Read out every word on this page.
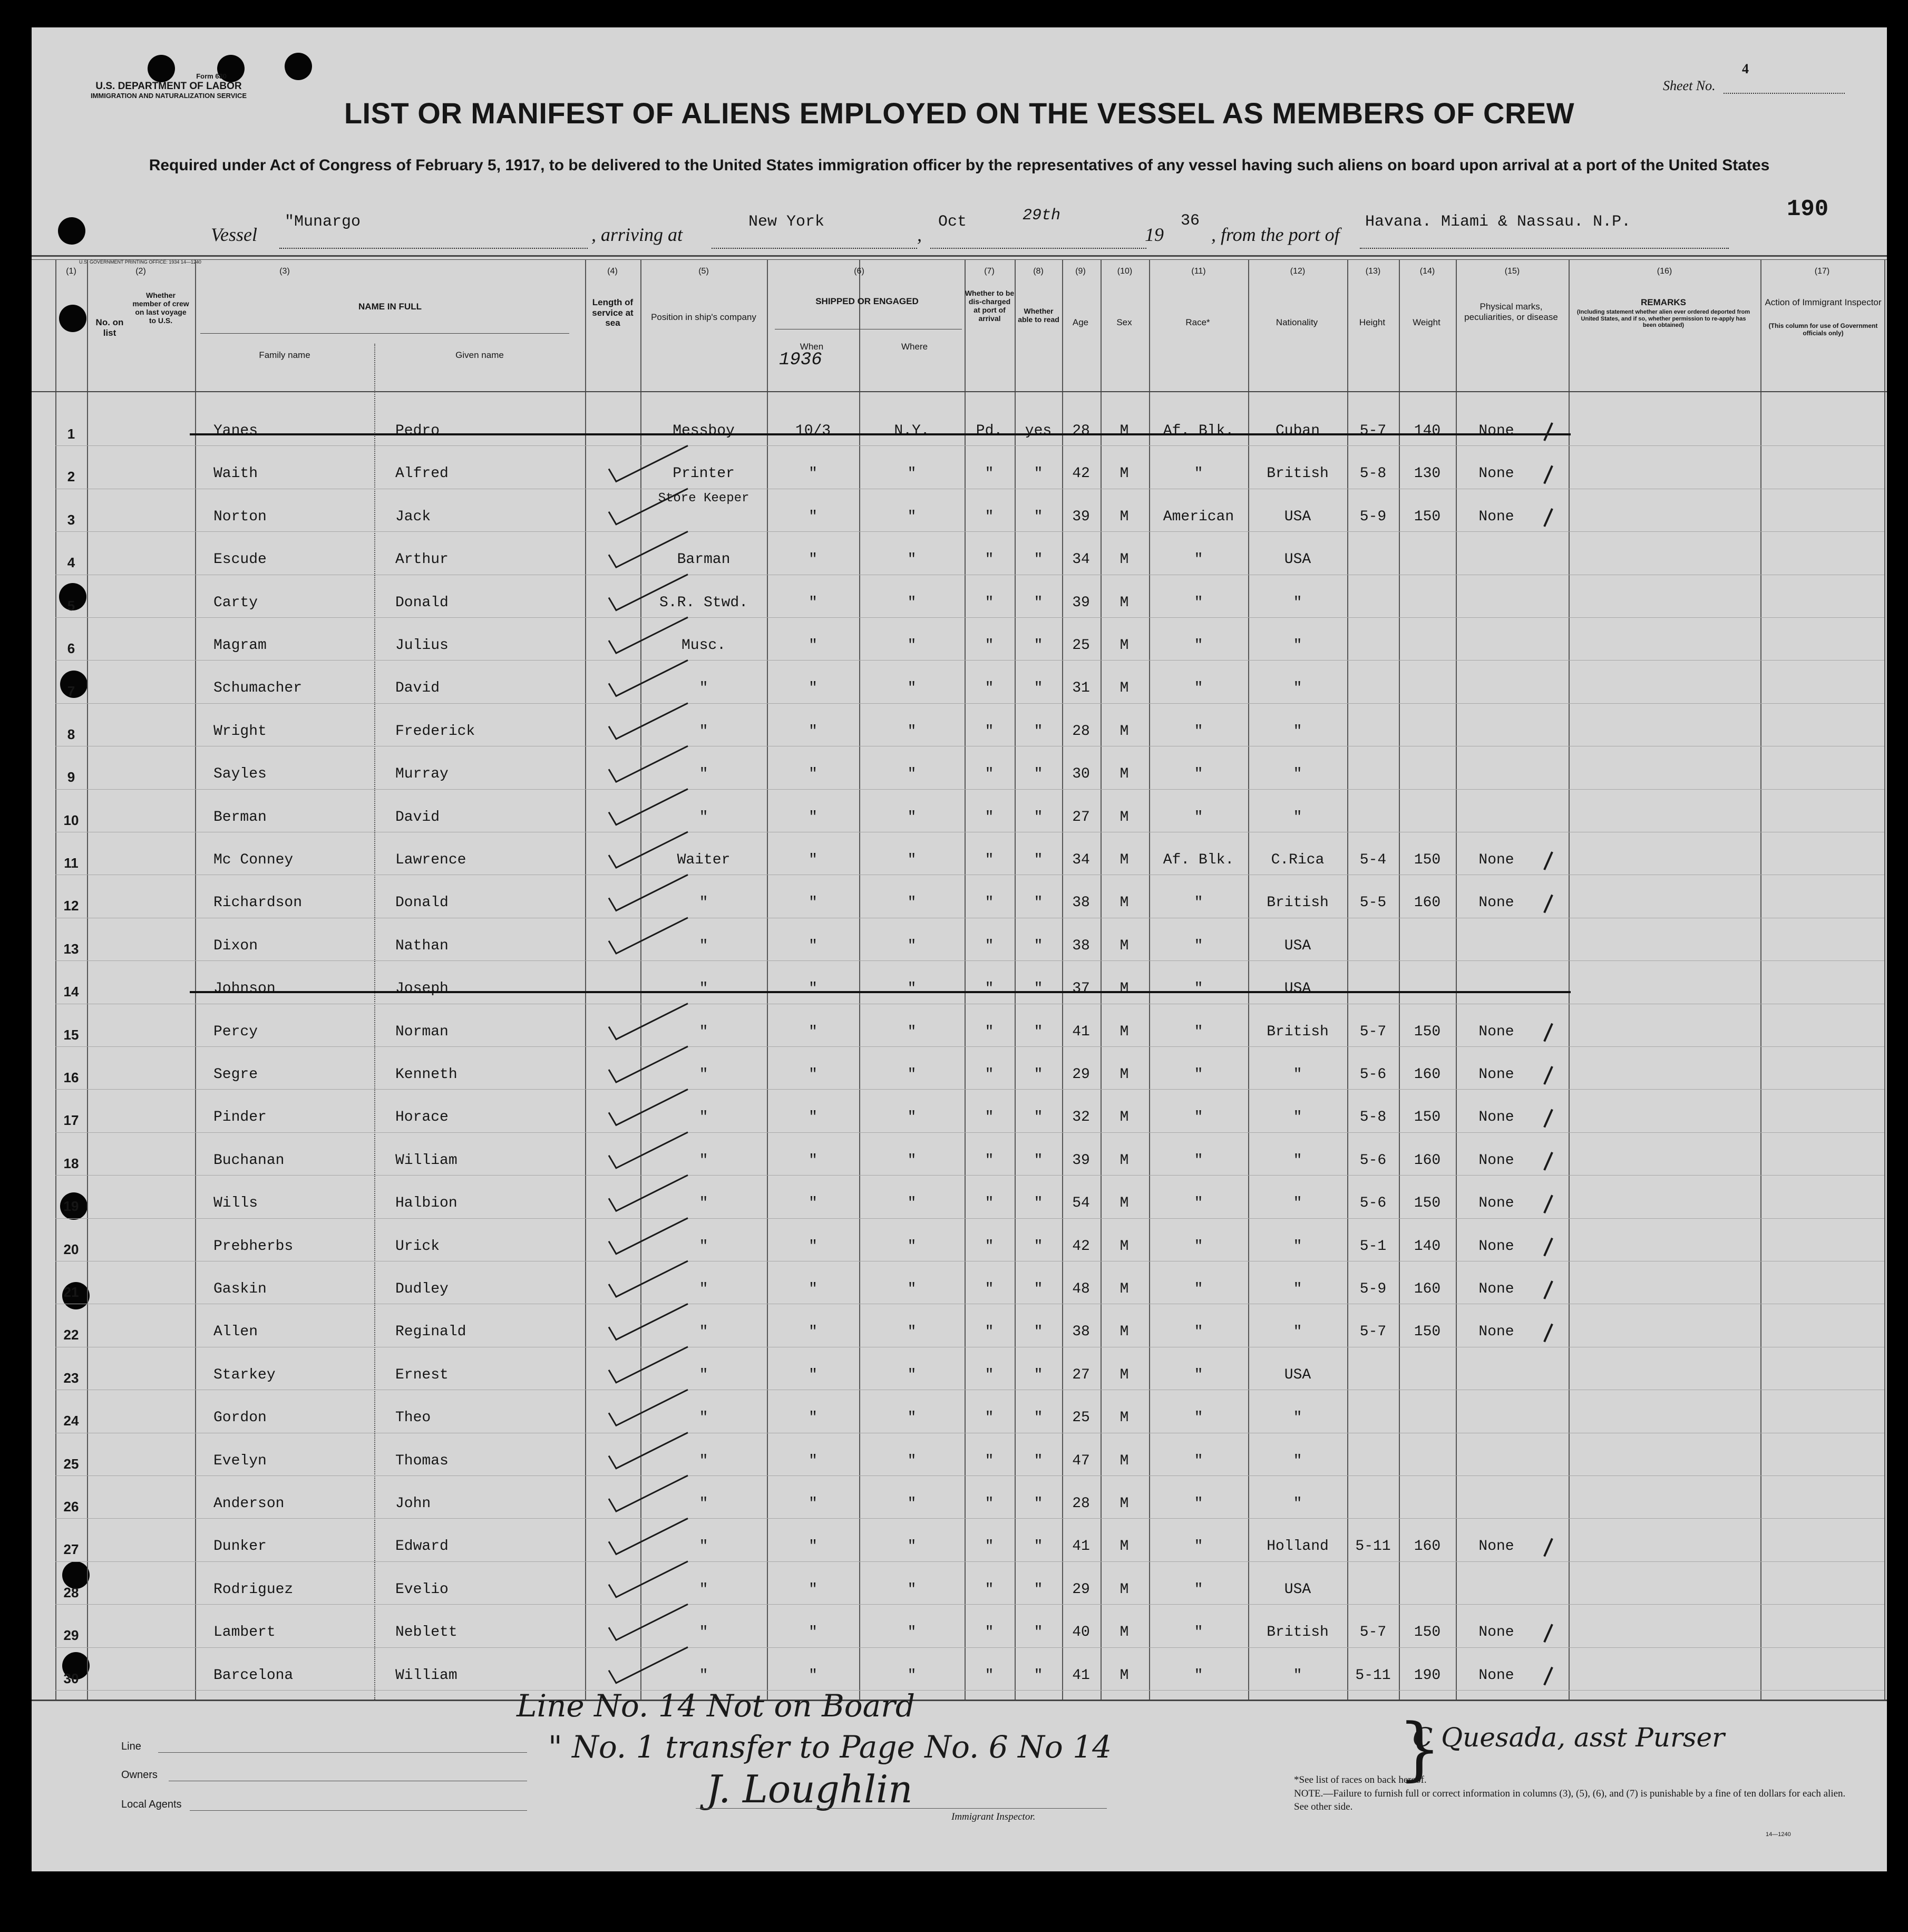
Form 630
U.S. DEPARTMENT OF LABOR
IMMIGRATION AND NATURALIZATION SERVICE
Sheet No.
4
LIST OR MANIFEST OF ALIENS EMPLOYED ON THE VESSEL AS MEMBERS OF CREW
Required under Act of Congress of February 5, 1917, to be delivered to the United States immigration officer by the representatives of any vessel having such aliens on board upon arrival at a port of the United States
Vessel
"Munargo
, arriving at
New York
,
Oct	29th
19
36
, from the port of
Havana. Miami & Nassau. N.P.	190
U.S. GOVERNMENT PRINTING OFFICE: 1934 14—1240
(1)	(2)	(3)	(4)	(5)	(6)	(7)	(8)	(9)	(10)	(11)	(12)	(13)	(14)	(15)	(16)	(17)
No. on list
Whether member of crew on last voyage to U.S.
NAME IN FULL
Family name	Given name
Length of service at sea
Position in ship's company
SHIPPED OR ENGAGED
When	Where
1936
Whether to be dis-charged at port of arrival
Whether able to read	Age	Sex	Race*	Nationality	Height	Weight
Physical marks, peculiarities, or disease
REMARKS
(Including statement whether alien ever ordered deported from United States, and if so, whether permission to re-apply has been obtained)
Action of Immigrant Inspector
(This column for use of Government officials only)
1	Yanes	Pedro	Messboy	10/3	N.Y.	Pd.	yes	28	M	Af. Blk.	Cuban	5-7	140	None
2	Waith	Alfred	Printer	"	"	"	"	42	M	"	British	5-8	130	None
3	Norton	Jack
Store Keeper
"	"	"	"	39	M	American	USA	5-9	150	None
4	Escude	Arthur	Barman	"	"	"	"	34	M	"	USA
5	Carty	Donald	S.R. Stwd.	"	"	"	"	39	M	"	"
6	Magram	Julius	Musc.	"	"	"	"	25	M	"	"
7	Schumacher	David	"	"	"	"	"	31	M	"	"
8	Wright	Frederick	"	"	"	"	"	28	M	"	"
9	Sayles	Murray	"	"	"	"	"	30	M	"	"
10	Berman	David	"	"	"	"	"	27	M	"	"
11	Mc Conney	Lawrence	Waiter	"	"	"	"	34	M	Af. Blk.	C.Rica	5-4	150	None
12	Richardson	Donald	"	"	"	"	"	38	M	"	British	5-5	160	None
13	Dixon	Nathan	"	"	"	"	"	38	M	"	USA
14	Johnson	Joseph	"	"	"	"	"	37	M	"	USA
15	Percy	Norman	"	"	"	"	"	41	M	"	British	5-7	150	None
16	Segre	Kenneth	"	"	"	"	"	29	M	"	"	5-6	160	None
17	Pinder	Horace	"	"	"	"	"	32	M	"	"	5-8	150	None
18	Buchanan	William	"	"	"	"	"	39	M	"	"	5-6	160	None
19	Wills	Halbion	"	"	"	"	"	54	M	"	"	5-6	150	None
20	Prebherbs	Urick	"	"	"	"	"	42	M	"	"	5-1	140	None
21	Gaskin	Dudley	"	"	"	"	"	48	M	"	"	5-9	160	None
22	Allen	Reginald	"	"	"	"	"	38	M	"	"	5-7	150	None
23	Starkey	Ernest	"	"	"	"	"	27	M	"	USA
24	Gordon	Theo	"	"	"	"	"	25	M	"	"
25	Evelyn	Thomas	"	"	"	"	"	47	M	"	"
26	Anderson	John	"	"	"	"	"	28	M	"	"
27	Dunker	Edward	"	"	"	"	"	41	M	"	Holland	5-11	160	None
28	Rodriguez	Evelio	"	"	"	"	"	29	M	"	USA
29	Lambert	Neblett	"	"	"	"	"	40	M	"	British	5-7	150	None
30	Barcelona	William	"	"	"	"	"	41	M	"	"	5-11	190	None
Line No. 14 Not on Board
" No. 1 transfer to Page No. 6 No 14	C Quesada, asst Purser
}
Line
Owners
Local Agents	J. Loughlin
Immigrant Inspector.
*See list of races on back hereof.
NOTE.—Failure to furnish full or correct information in columns (3), (5), (6), and (7) is punishable by a fine of ten dollars for each alien. See other side.
14—1240
